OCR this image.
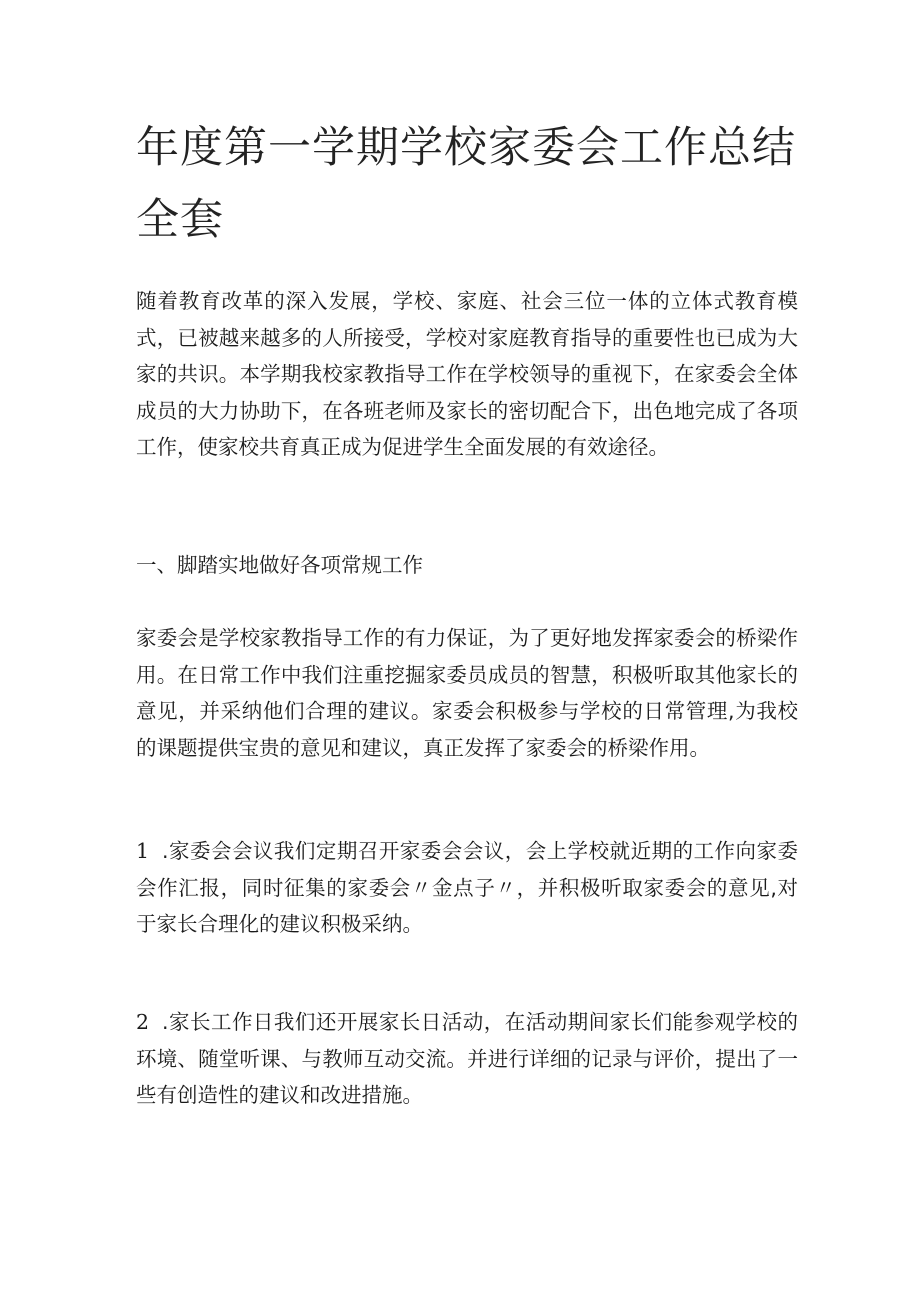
年度第一学期学校家委会工作总结全套

随着教育改革的深入发展，学校、家庭、社会三位一体的立体式教育模式，已被越来越多的人所接受，学校对家庭教育指导的重要性也已成为大家的共识。本学期我校家教指导工作在学校领导的重视下，在家委会全体成员的大力协助下，在各班老师及家长的密切配合下，出色地完成了各项工作，使家校共育真正成为促进学生全面发展的有效途径。

一、脚踏实地做好各项常规工作

家委会是学校家教指导工作的有力保证，为了更好地发挥家委会的桥梁作用。在日常工作中我们注重挖掘家委员成员的智慧，积极听取其他家长的意见，并采纳他们合理的建议。家委会积极参与学校的日常管理,为我校的课题提供宝贵的意见和建议，真正发挥了家委会的桥梁作用。

1 .家委会会议我们定期召开家委会会议，会上学校就近期的工作向家委会作汇报，同时征集的家委会〃金点子〃，并积极听取家委会的意见,对于家长合理化的建议积极采纳。

2 .家长工作日我们还开展家长日活动，在活动期间家长们能参观学校的环境、随堂听课、与教师互动交流。并进行详细的记录与评价，提出了一些有创造性的建议和改进措施。
